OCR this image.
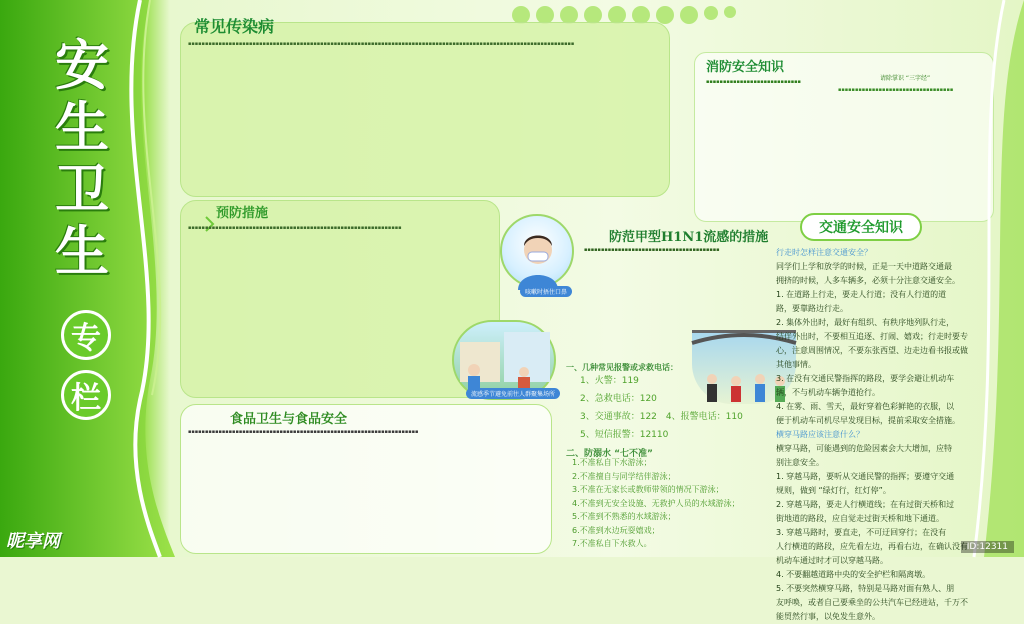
安
生
卫
生
专
栏
常见传染病

▪▪▪▪▪▪▪▪▪▪▪▪▪▪▪▪▪▪▪▪▪▪▪▪▪▪▪▪▪▪▪▪▪▪▪▪▪▪▪▪▪▪▪▪▪▪▪▪▪▪▪▪▪▪▪▪▪▪▪▪▪▪▪▪▪▪▪▪▪▪▪▪▪▪▪▪▪▪▪▪▪▪▪▪▪▪▪▪▪▪▪▪▪▪▪▪▪▪▪▪▪▪▪▪▪▪▪▪▪▪▪▪▪▪

消防安全知识

▪▪▪▪▪▪▪▪▪▪▪▪▪▪▪▪▪▪▪▪▪▪▪▪▪▪▪▪	请除掌识 “三字经”

▪▪▪▪▪▪▪▪▪▪▪▪▪▪▪▪▪▪▪▪▪▪▪▪▪▪▪▪▪▪▪▪▪▪

预防措施

▪▪▪▪▪▪▪▪▪▪▪▪▪▪▪▪▪▪▪▪▪▪▪▪▪▪▪▪▪▪▪▪▪▪▪▪▪▪▪▪▪▪▪▪▪▪▪▪▪▪▪▪▪▪▪▪▪▪▪▪▪▪▪

咳嗽时捂住口鼻
防范甲型H1N1流感的措施

▪▪▪▪▪▪▪▪▪▪▪▪▪▪▪▪▪▪▪▪▪▪▪▪▪▪▪▪▪▪▪▪▪▪▪▪▪▪▪▪

流感季节避免前往人群聚集场所
食品卫生与食品安全

▪▪▪▪▪▪▪▪▪▪▪▪▪▪▪▪▪▪▪▪▪▪▪▪▪▪▪▪▪▪▪▪▪▪▪▪▪▪▪▪▪▪▪▪▪▪▪▪▪▪▪▪▪▪▪▪▪▪▪▪▪▪▪▪▪▪▪▪

一、几种常见报警或求救电话：

1、火警：119

2、急救电话：120

3、交通事故：122　4、报警电话：110

5、短信报警：12110

二、防溺水 “七不准”

1.不准私自下水游泳；

2.不准擅自与同学结伴游泳；

3.不准在无家长或教师带领的情况下游泳；

4.不准到无安全设施、无救护人员的水域游泳；

5.不准到不熟悉的水域游泳；

6.不准到水边玩耍嬉戏；

7.不准私自下水救人。

交通安全知识

行走时怎样注意交通安全？

同学们上学和放学的时候，正是一天中道路交通最

拥挤的时候，人多车辆多，必须十分注意交通安全。

1. 在道路上行走，要走人行道；没有人行道的道

路，要靠路边行走。

2. 集体外出时，最好有组织、有秩序地列队行走，

结伴外出时，不要相互追逐、打闹、嬉戏；行走时要专

心，注意周围情况，不要东张西望、边走边看书报或做

其他事情。

3. 在没有交通民警指挥的路段，要学会避让机动车

辆，不与机动车辆争道抢行。

4. 在雾、雨、雪天，最好穿着色彩鲜艳的衣服，以

便于机动车司机尽早发现目标，提前采取安全措施。

横穿马路应该注意什么？

横穿马路，可能遇到的危险因素会大大增加，应特

别注意安全。

1. 穿越马路，要听从交通民警的指挥；要遵守交通

规则，做到 “绿灯行，红灯停”。

2. 穿越马路，要走人行横道线；在有过街天桥和过

街地道的路段，应自觉走过街天桥和地下通道。

3. 穿越马路时，要直走，不可迂回穿行；在没有

人行横道的路段，应先看左边，再看右边，在确认没有

机动车通过时才可以穿越马路。

4. 不要翻越道路中央的安全护栏和隔离墩。

5. 不要突然横穿马路，特别是马路对面有熟人、朋

友呼唤，或者自己要乘坐的公共汽车已经进站，千万不

能贸然行事，以免发生意外。

昵享网	ID:12311
